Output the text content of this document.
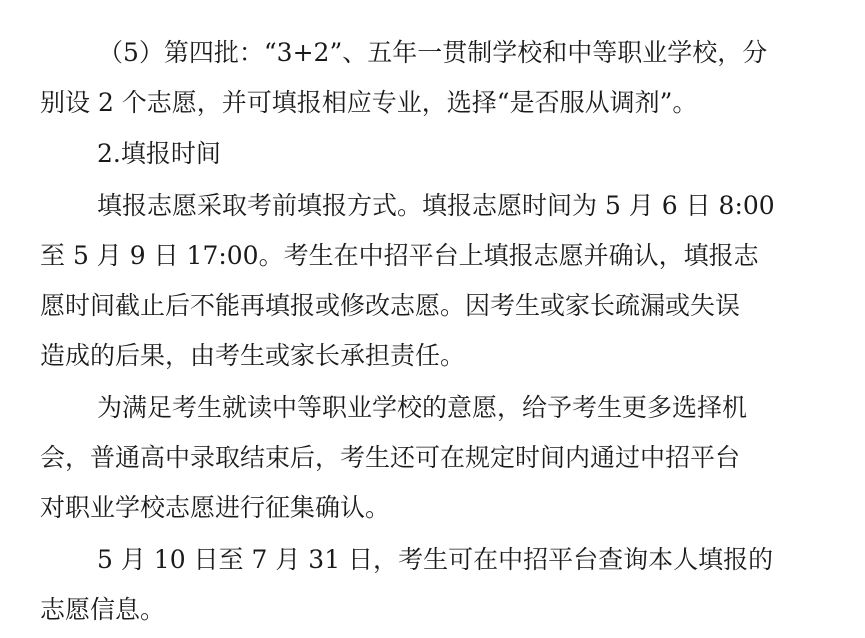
（5）第四批：“3+2”、五年一贯制学校和中等职业学校，分

别设 2 个志愿，并可填报相应专业，选择“是否服从调剂”。

2.填报时间

填报志愿采取考前填报方式。填报志愿时间为 5 月 6 日 8:00

至 5 月 9 日 17:00。考生在中招平台上填报志愿并确认，填报志

愿时间截止后不能再填报或修改志愿。因考生或家长疏漏或失误

造成的后果，由考生或家长承担责任。

为满足考生就读中等职业学校的意愿，给予考生更多选择机

会，普通高中录取结束后，考生还可在规定时间内通过中招平台

对职业学校志愿进行征集确认。

5 月 10 日至 7 月 31 日，考生可在中招平台查询本人填报的

志愿信息。
